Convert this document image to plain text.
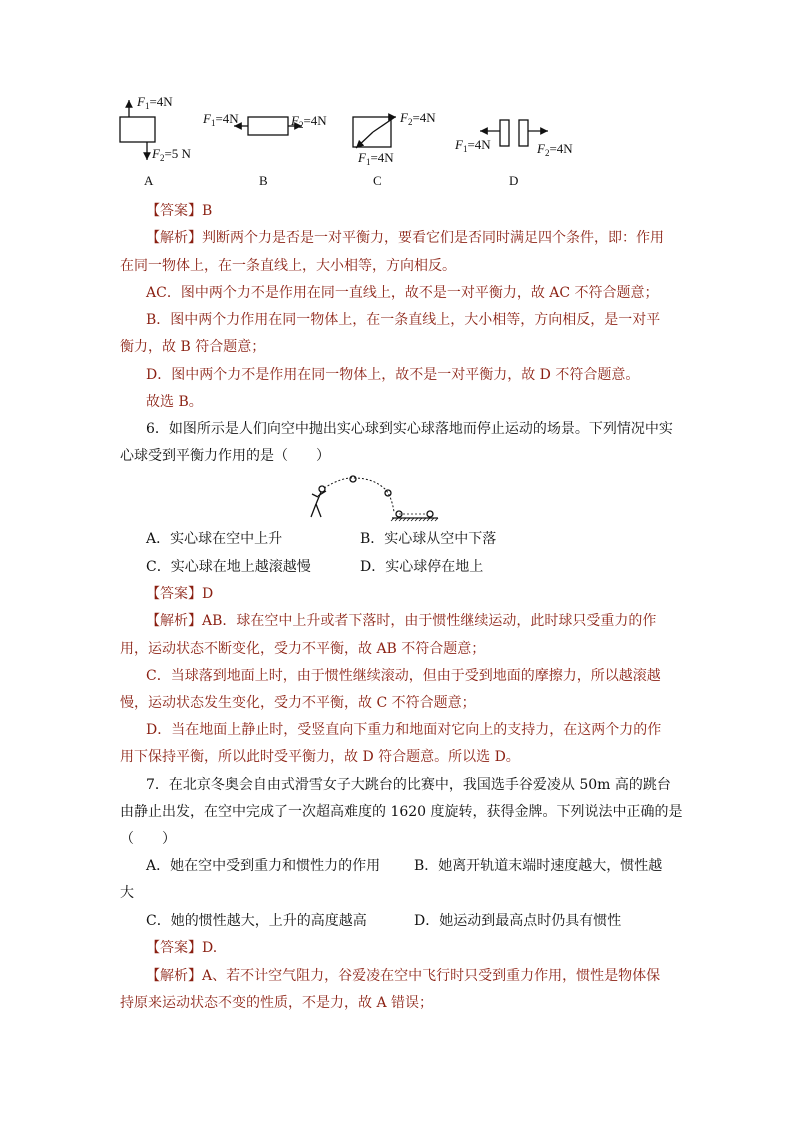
$F_1=4N$
$F_2=5$ N
A
$F_1=4N$	$F_2=4N$
B
$F_2=4N$
$F_1=4N$
C
$F_1=4N$	$F_2=4N$
D
【答案】B
【解析】判断两个力是否是一对平衡力，要看它们是否同时满足四个条件，即：作用
在同一物体上，在一条直线上，大小相等，方向相反。
AC．图中两个力不是作用在同一直线上，故不是一对平衡力，故 AC 不符合题意；
B．图中两个力作用在同一物体上，在一条直线上，大小相等，方向相反，是一对平
衡力，故 B 符合题意；
D．图中两个力不是作用在同一物体上，故不是一对平衡力，故 D 不符合题意。
故选 B。
6．如图所示是人们向空中抛出实心球到实心球落地而停止运动的场景。下列情况中实
心球受到平衡力作用的是（　　）
A．实心球在空中上升	B．实心球从空中下落
C．实心球在地上越滚越慢	D．实心球停在地上
【答案】D
【解析】AB．球在空中上升或者下落时，由于惯性继续运动，此时球只受重力的作
用，运动状态不断变化，受力不平衡，故 AB 不符合题意；
C．当球落到地面上时，由于惯性继续滚动，但由于受到地面的摩擦力，所以越滚越
慢，运动状态发生变化，受力不平衡，故 C 不符合题意；
D．当在地面上静止时，受竖直向下重力和地面对它向上的支持力，在这两个力的作
用下保持平衡，所以此时受平衡力，故 D 符合题意。所以选 D。
7．在北京冬奥会自由式滑雪女子大跳台的比赛中，我国选手谷爱凌从 50m 高的跳台
由静止出发，在空中完成了一次超高难度的 1620 度旋转，获得金牌。下列说法中正确的是
（　　）
A．她在空中受到重力和惯性力的作用 B．她离开轨道末端时速度越大，惯性越
大
C．她的惯性越大，上升的高度越高	D．她运动到最高点时仍具有惯性
【答案】D.
【解析】A、若不计空气阻力，谷爱凌在空中飞行时只受到重力作用，惯性是物体保
持原来运动状态不变的性质，不是力，故 A 错误；
